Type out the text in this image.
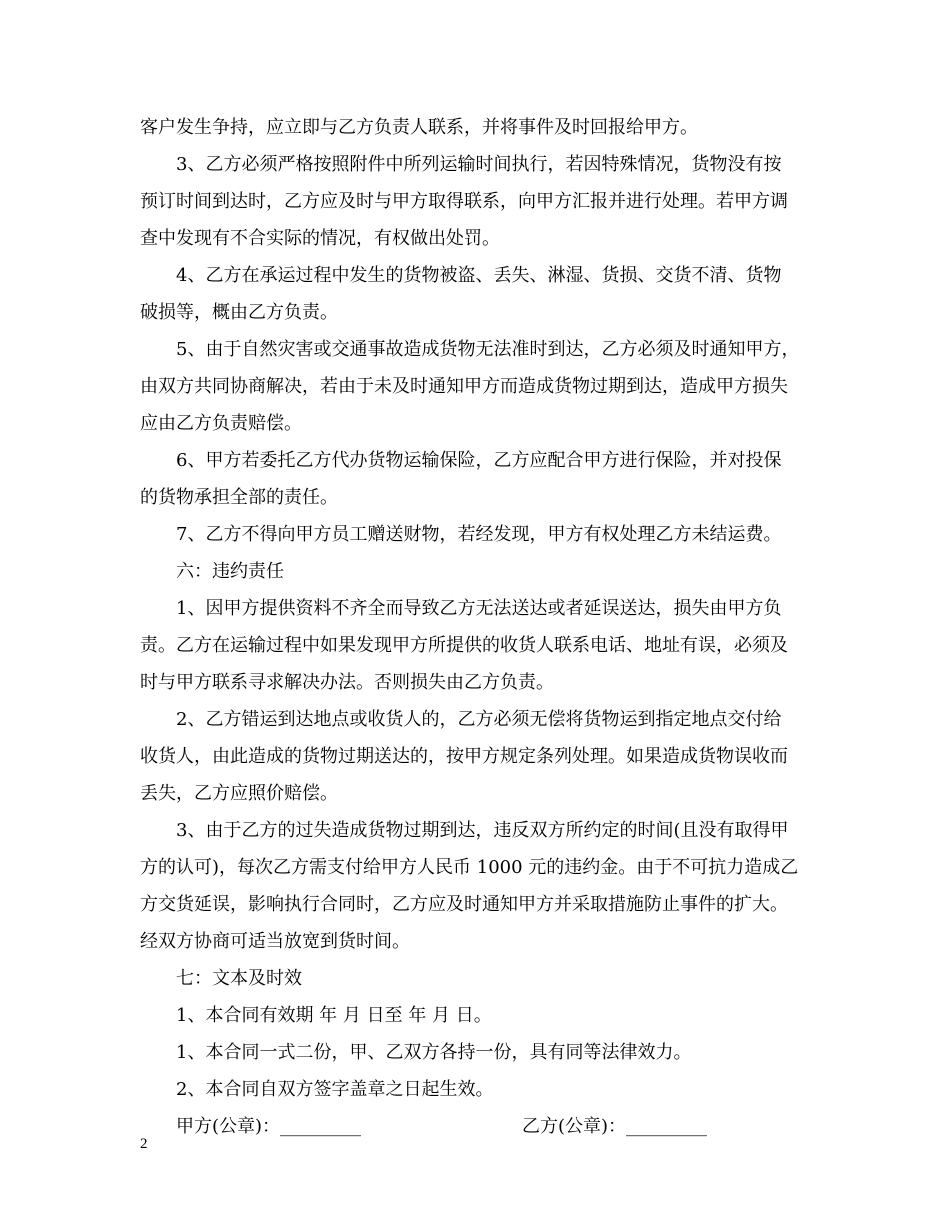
客户发生争持，应立即与乙方负责人联系，并将事件及时回报给甲方。
3、乙方必须严格按照附件中所列运输时间执行，若因特殊情况，货物没有按
预订时间到达时，乙方应及时与甲方取得联系，向甲方汇报并进行处理。若甲方调
查中发现有不合实际的情况，有权做出处罚。
4、乙方在承运过程中发生的货物被盗、丢失、淋湿、货损、交货不清、货物
破损等，概由乙方负责。
5、由于自然灾害或交通事故造成货物无法准时到达，乙方必须及时通知甲方，
由双方共同协商解决，若由于未及时通知甲方而造成货物过期到达，造成甲方损失
应由乙方负责赔偿。
6、甲方若委托乙方代办货物运输保险，乙方应配合甲方进行保险，并对投保
的货物承担全部的责任。
7、乙方不得向甲方员工赠送财物，若经发现，甲方有权处理乙方未结运费。
六：违约责任
1、因甲方提供资料不齐全而导致乙方无法送达或者延误送达，损失由甲方负
责。乙方在运输过程中如果发现甲方所提供的收货人联系电话、地址有误，必须及
时与甲方联系寻求解决办法。否则损失由乙方负责。
2、乙方错运到达地点或收货人的，乙方必须无偿将货物运到指定地点交付给
收货人，由此造成的货物过期送达的，按甲方规定条列处理。如果造成货物误收而
丢失，乙方应照价赔偿。
3、由于乙方的过失造成货物过期到达，违反双方所约定的时间(且没有取得甲
方的认可)，每次乙方需支付给甲方人民币 1000 元的违约金。由于不可抗力造成乙
方交货延误，影响执行合同时，乙方应及时通知甲方并采取措施防止事件的扩大。
经双方协商可适当放宽到货时间。
七：文本及时效
1、本合同有效期 年 月 日至 年 月 日。
1、本合同一式二份，甲、乙双方各持一份，具有同等法律效力。
2、本合同自双方签字盖章之日起生效。
甲方(公章)：_________	乙方(公章)：_________
2
